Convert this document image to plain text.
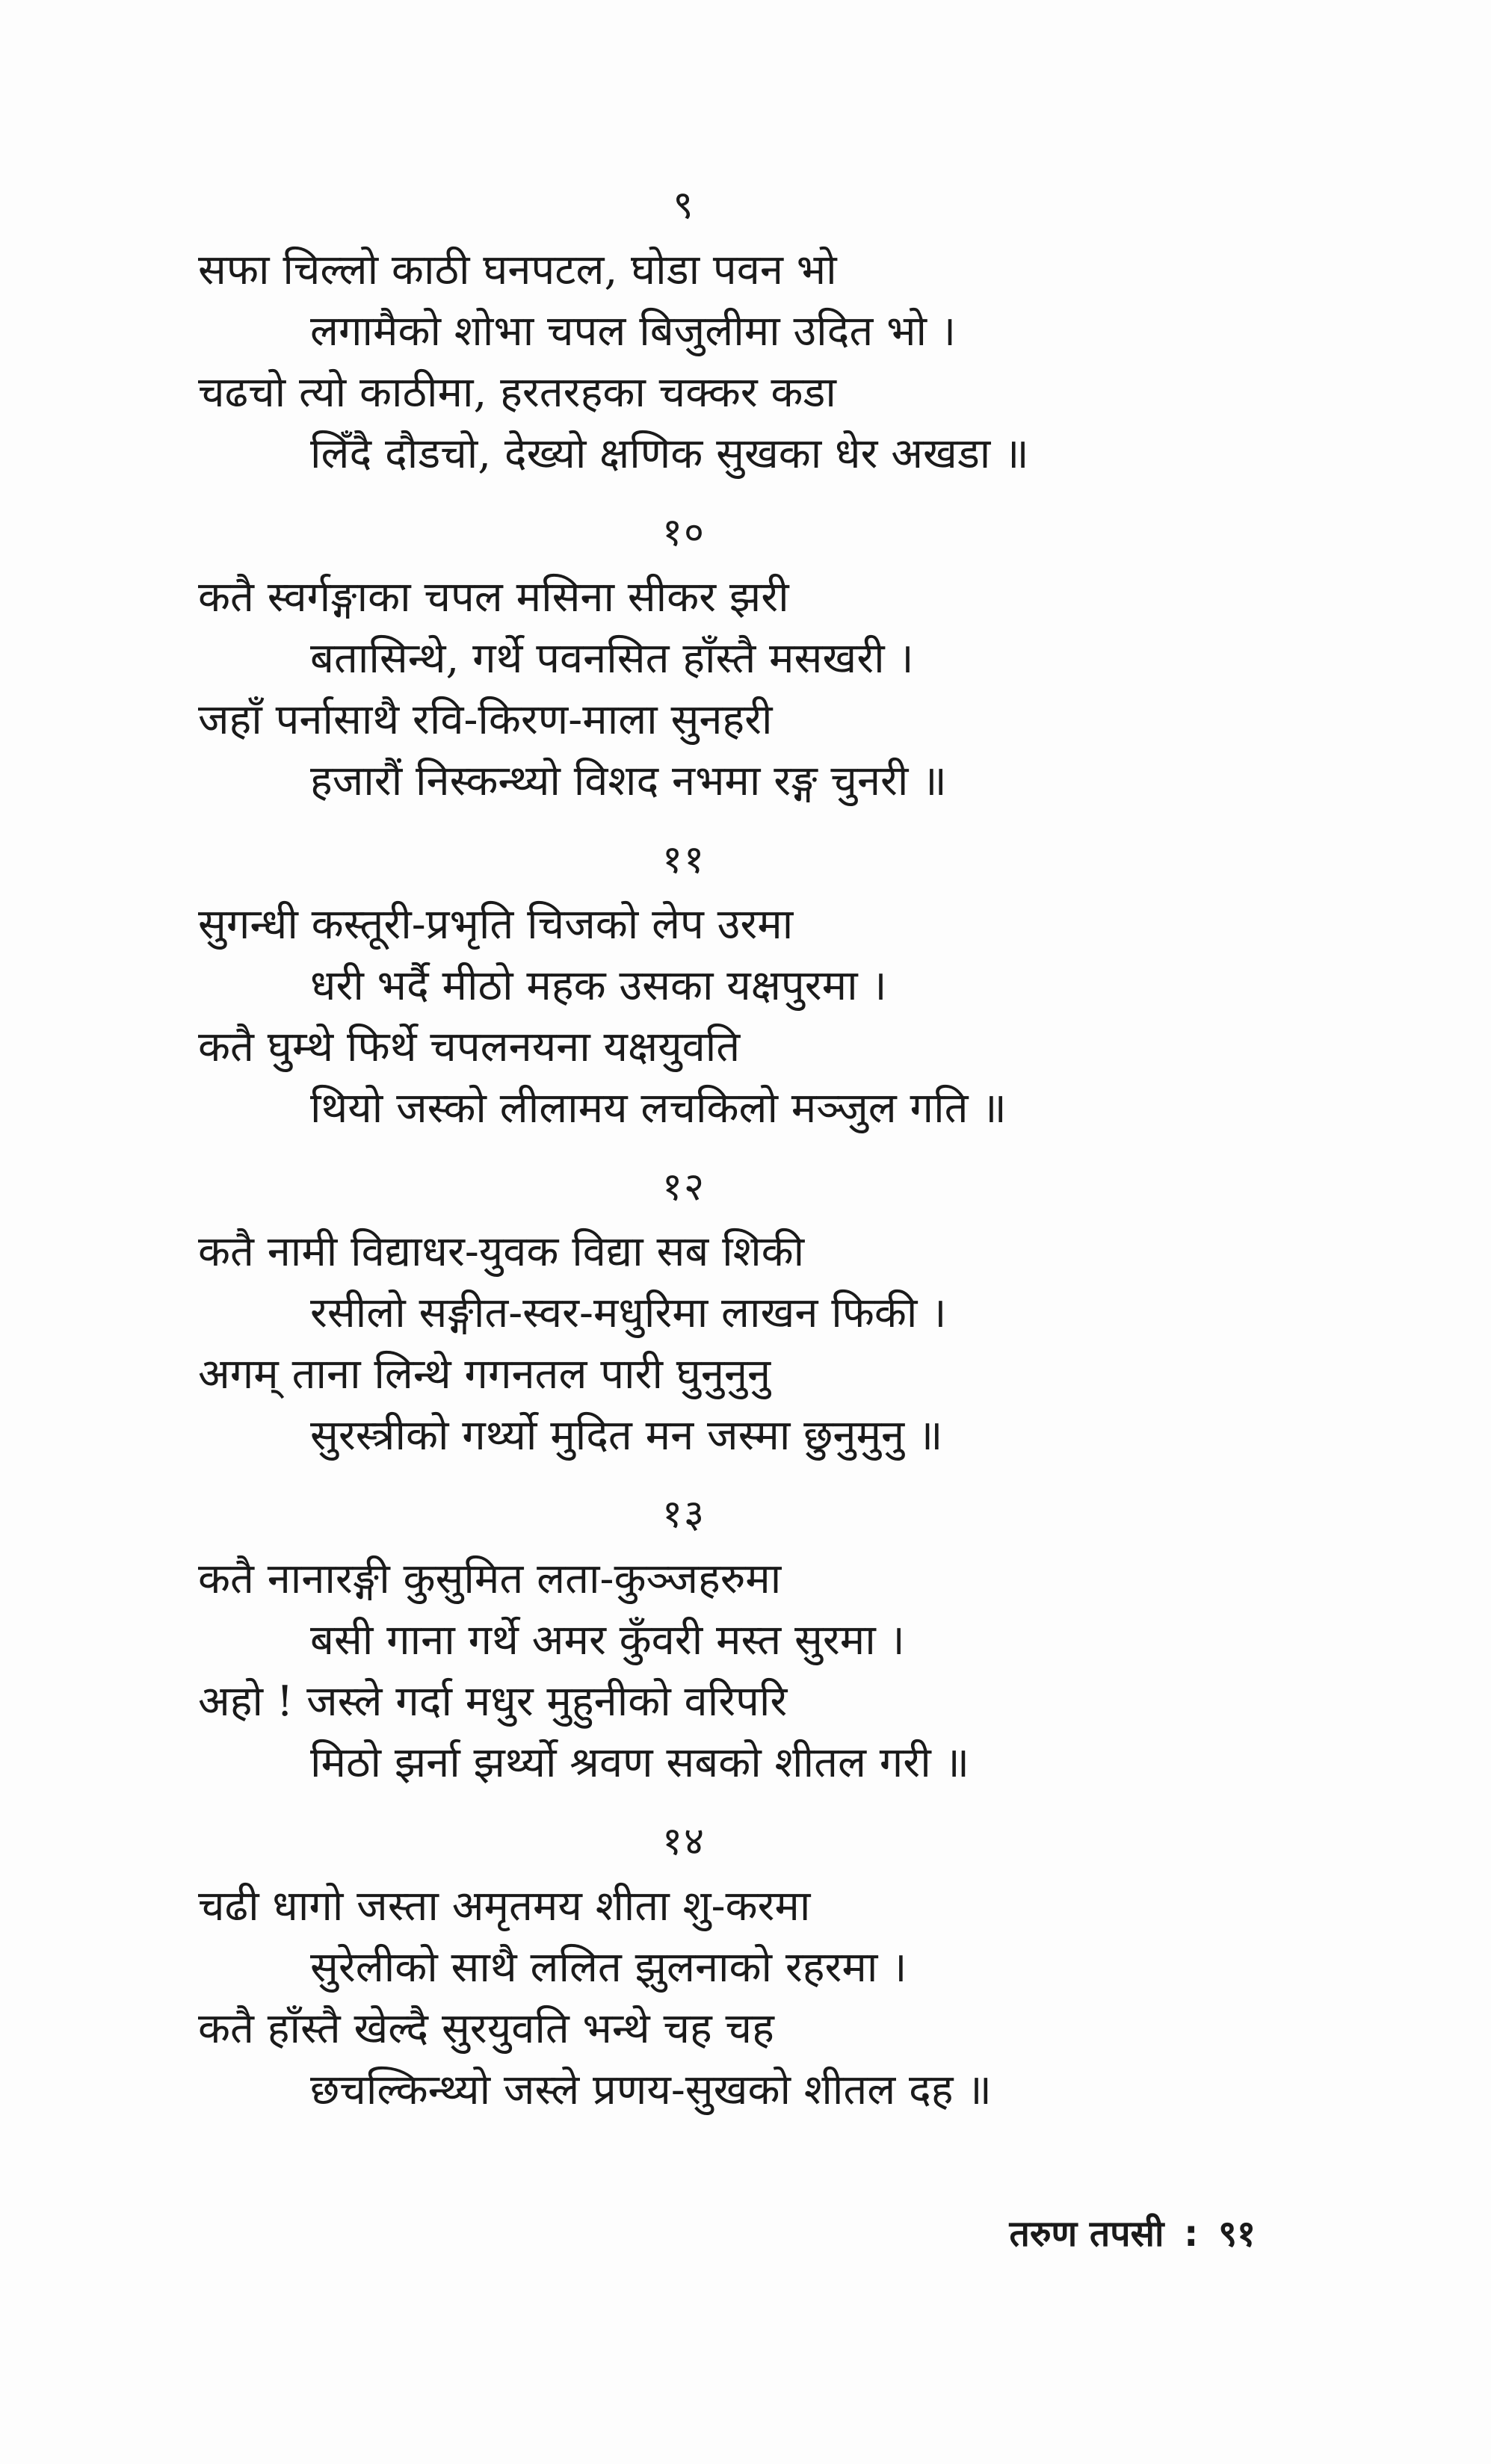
९
सफा चिल्लो काठी घनपटल, घोडा पवन भो
लगामैको शोभा चपल बिजुलीमा उदित भो ।
चढचो त्यो काठीमा, हरतरहका चक्कर कडा
लिँदै दौडचो, देख्यो क्षणिक सुखका धेर अखडा ॥
१०
कतै स्वर्गङ्गाका चपल मसिना सीकर झरी
बतासिन्थे, गर्थे पवनसित हाँस्तै मसखरी ।
जहाँ पर्नासाथै रवि-किरण-माला सुनहरी
हजारौं निस्कन्थ्यो विशद नभमा रङ्ग चुनरी ॥
११
सुगन्धी कस्तूरी-प्रभृति चिजको लेप उरमा
धरी भर्दै मीठो महक उसका यक्षपुरमा ।
कतै घुम्थे फिर्थे चपलनयना यक्षयुवति
थियो जस्को लीलामय लचकिलो मञ्जुल गति ॥
१२
कतै नामी विद्याधर-युवक विद्या सब शिकी
रसीलो सङ्गीत-स्वर-मधुरिमा लाखन फिकी ।
अगम् ताना लिन्थे गगनतल पारी घुनुनुनु
सुरस्त्रीको गर्थ्यो मुदित मन जस्मा छुनुमुनु ॥
१३
कतै नानारङ्गी कुसुमित लता-कुञ्जहरुमा
बसी गाना गर्थे अमर कुँवरी मस्त सुरमा ।
अहो ! जस्ले गर्दा मधुर मुहुनीको वरिपरि
मिठो झर्ना झर्थ्यो श्रवण सबको शीतल गरी ॥
१४
चढी धागो जस्ता अमृतमय शीता शु-करमा
सुरेलीको साथै ललित झुलनाको रहरमा ।
कतै हाँस्तै खेल्दै सुरयुवति भन्थे चह चह
छचल्किन्थ्यो जस्ले प्रणय-सुखको शीतल दह ॥
तरुण तपसी : ९१
